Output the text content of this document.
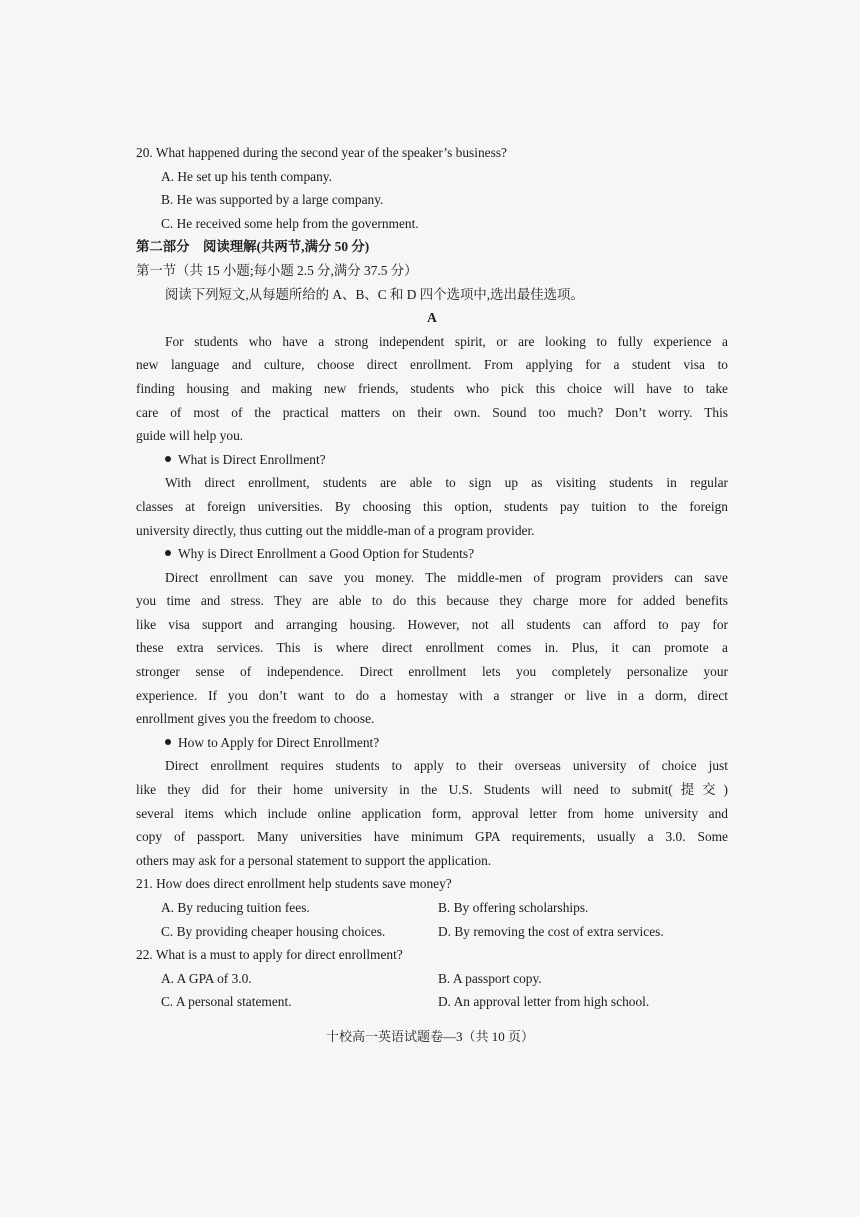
20. What happened during the second year of the speaker’s business?
A. He set up his tenth company.
B. He was supported by a large company.
C. He received some help from the government.
第二部分　阅读理解(共两节,满分 50 分)
第一节（共 15 小题;每小题 2.5 分,满分 37.5 分）
阅读下列短文,从每题所给的 A、B、C 和 D 四个选项中,选出最佳选项。
A
For students who have a strong independent spirit, or are looking to fully experience a
new language and culture, choose direct enrollment. From applying for a student visa to
finding housing and making new friends, students who pick this choice will have to take
care of most of the practical matters on their own. Sound too much? Don’t worry. This
guide will help you.
What is Direct Enrollment?
With direct enrollment, students are able to sign up as visiting students in regular
classes at foreign universities. By choosing this option, students pay tuition to the foreign
university directly, thus cutting out the middle-man of a program provider.
Why is Direct Enrollment a Good Option for Students?
Direct enrollment can save you money. The middle-men of program providers can save
you time and stress. They are able to do this because they charge more for added benefits
like visa support and arranging housing. However, not all students can afford to pay for
these extra services. This is where direct enrollment comes in. Plus, it can promote a
stronger sense of independence. Direct enrollment lets you completely personalize your
experience. If you don’t want to do a homestay with a stranger or live in a dorm, direct
enrollment gives you the freedom to choose.
How to Apply for Direct Enrollment?
Direct enrollment requires students to apply to their overseas university of choice just
like they did for their home university in the U.S. Students will need to submit(提交)
several items which include online application form, approval letter from home university and
copy of passport. Many universities have minimum GPA requirements, usually a 3.0. Some
others may ask for a personal statement to support the application.
21. How does direct enrollment help students save money?
A. By reducing tuition fees.	B. By offering scholarships.
C. By providing cheaper housing choices.	D. By removing the cost of extra services.
22. What is a must to apply for direct enrollment?
A. A GPA of 3.0.	B. A passport copy.
C. A personal statement.	D. An approval letter from high school.
十校高一英语试题卷—3（共 10 页）
